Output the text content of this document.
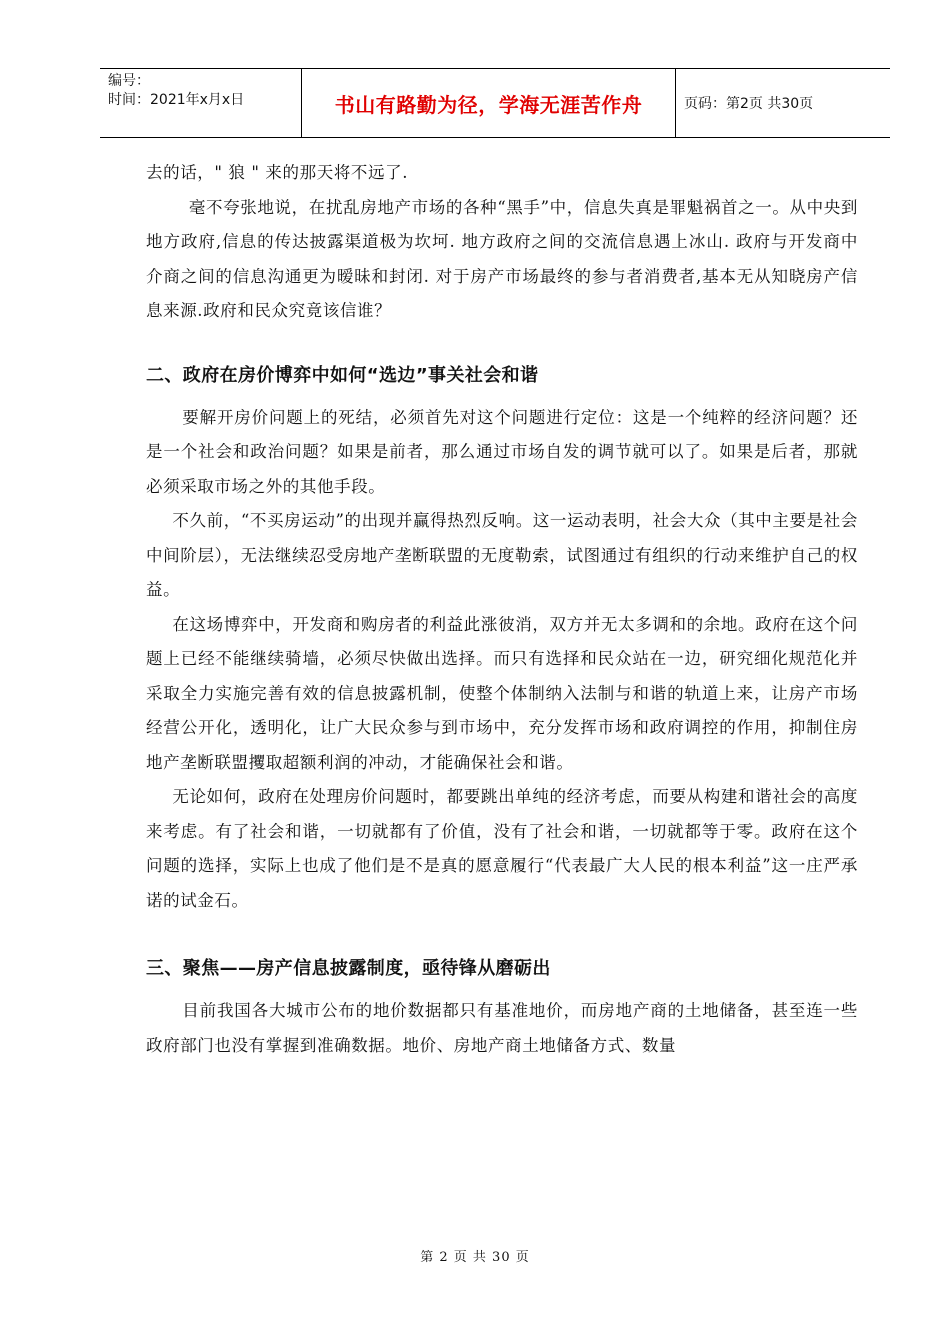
编号：
时间：2021年x月x日	书山有路勤为径，学海无涯苦作舟	页码：第2页 共30页

去的话，" 狼 " 来的那天将不远了.

毫不夸张地说，在扰乱房地产市场的各种“黑手”中，信息失真是罪魁祸首之一。从中央到地方政府,信息的传达披露渠道极为坎坷. 地方政府之间的交流信息遇上冰山. 政府与开发商中介商之间的信息沟通更为暧昧和封闭. 对于房产市场最终的参与者消费者,基本无从知晓房产信息来源.政府和民众究竟该信谁？

二、政府在房价博弈中如何“选边”事关社会和谐

要解开房价问题上的死结，必须首先对这个问题进行定位：这是一个纯粹的经济问题？还是一个社会和政治问题？如果是前者，那么通过市场自发的调节就可以了。如果是后者，那就必须采取市场之外的其他手段。

不久前，“不买房运动”的出现并赢得热烈反响。这一运动表明，社会大众（其中主要是社会中间阶层），无法继续忍受房地产垄断联盟的无度勒索，试图通过有组织的行动来维护自己的权益。

在这场博弈中，开发商和购房者的利益此涨彼消，双方并无太多调和的余地。政府在这个问题上已经不能继续骑墙，必须尽快做出选择。而只有选择和民众站在一边，研究细化规范化并采取全力实施完善有效的信息披露机制，使整个体制纳入法制与和谐的轨道上来，让房产市场经营公开化，透明化，让广大民众参与到市场中，充分发挥市场和政府调控的作用，抑制住房地产垄断联盟攫取超额利润的冲动，才能确保社会和谐。

无论如何，政府在处理房价问题时，都要跳出单纯的经济考虑，而要从构建和谐社会的高度来考虑。有了社会和谐，一切就都有了价值，没有了社会和谐，一切就都等于零。政府在这个问题的选择，实际上也成了他们是不是真的愿意履行“代表最广大人民的根本利益”这一庄严承诺的试金石。

三、聚焦——房产信息披露制度，亟待锋从磨砺出

目前我国各大城市公布的地价数据都只有基准地价，而房地产商的土地储备，甚至连一些政府部门也没有掌握到准确数据。地价、房地产商土地储备方式、数量

第 2 页 共 30 页
